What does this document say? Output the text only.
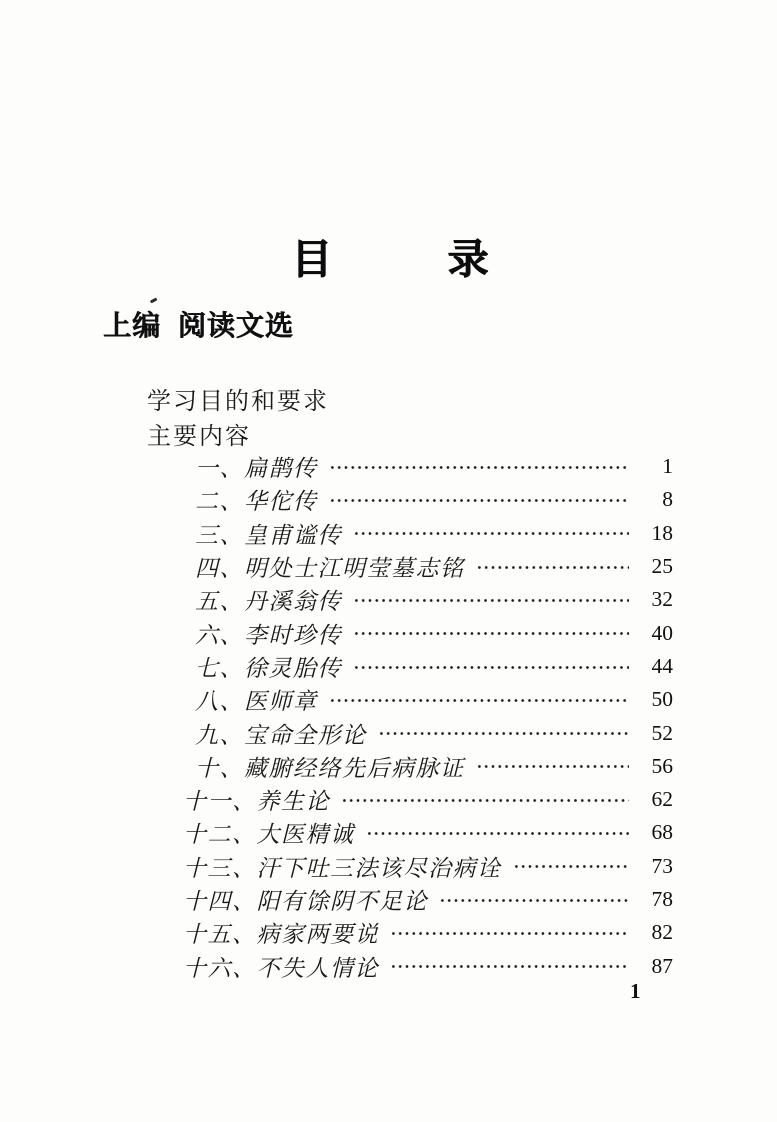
目 录
上编 阅读文选
学习目的和要求
主要内容
一、扁鹊传	1
二、华佗传	8
三、皇甫谧传	18
四、明处士江明莹墓志铭	25
五、丹溪翁传	32
六、李时珍传	40
七、徐灵胎传	44
八、医师章	50
九、宝命全形论	52
十、藏腑经络先后病脉证	56
十一、养生论	62
十二、大医精诚	68
十三、汗下吐三法该尽治病诠	73
十四、阳有馀阴不足论	78
十五、病家两要说	82
十六、不失人情论	87
1
